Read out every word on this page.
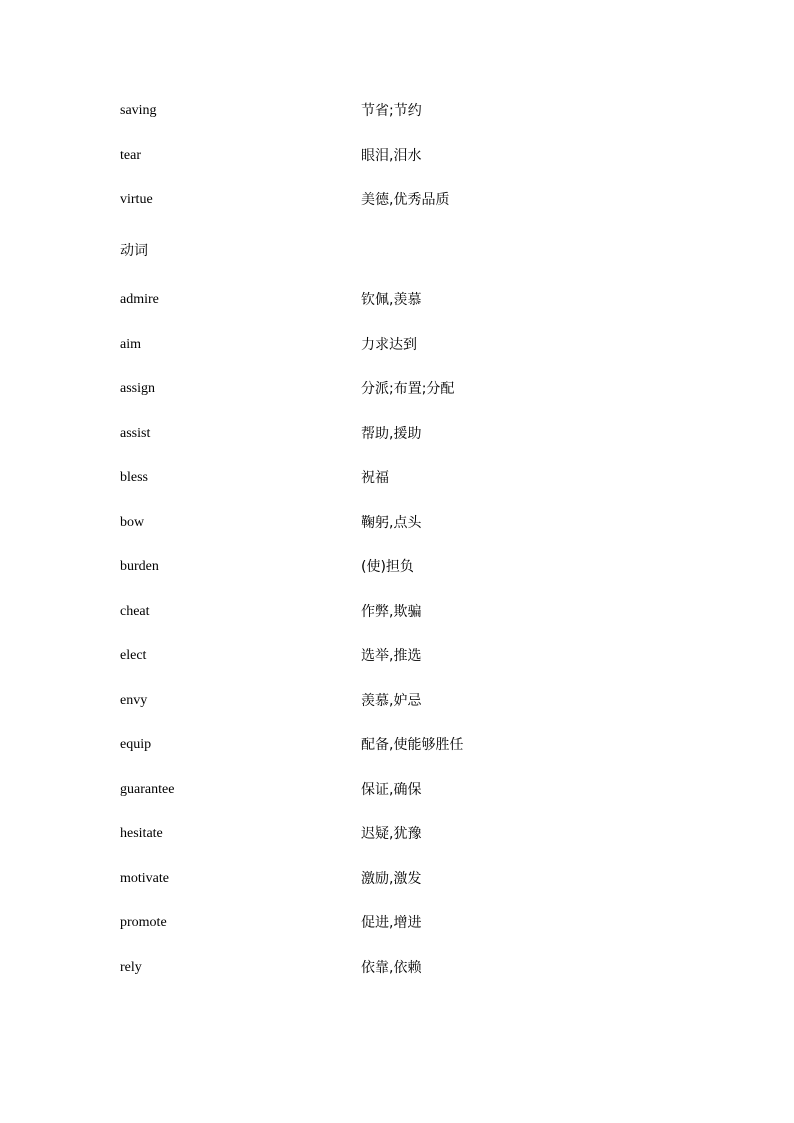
saving	节省;节约
tear	眼泪,泪水
virtue	美德,优秀品质
动词
admire	钦佩,羡慕
aim	力求达到
assign	分派;布置;分配
assist	帮助,援助
bless	祝福
bow	鞠躬,点头
burden	(使)担负
cheat	作弊,欺骗
elect	选举,推选
envy	羡慕,妒忌
equip	配备,使能够胜任
guarantee	保证,确保
hesitate	迟疑,犹豫
motivate	激励,激发
promote	促进,增进
rely	依靠,依赖
